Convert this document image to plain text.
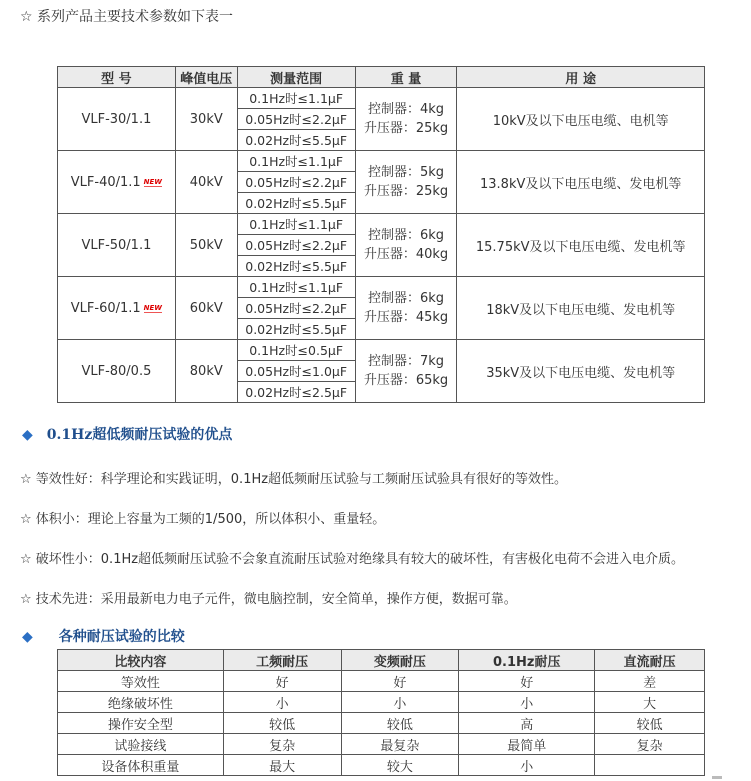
☆ 系列产品主要技术参数如下表一
型 号	峰值电压	测量范围	重 量	用 途
VLF-30/1.1	30kV	0.1Hz时≤1.1μF	控制器：4kg
升压器：25kg	10kV及以下电压电缆、电机等
		0.05Hz时≤2.2μF		
		0.02Hz时≤5.5μF		
VLF-40/1.1 NEW	40kV	0.1Hz时≤1.1μF	控制器：5kg
升压器：25kg	13.8kV及以下电压电缆、发电机等
		0.05Hz时≤2.2μF		
		0.02Hz时≤5.5μF		
VLF-50/1.1	50kV	0.1Hz时≤1.1μF	控制器：6kg
升压器：40kg	15.75kV及以下电压电缆、发电机等
		0.05Hz时≤2.2μF		
		0.02Hz时≤5.5μF		
VLF-60/1.1 NEW	60kV	0.1Hz时≤1.1μF	控制器：6kg
升压器：45kg	18kV及以下电压电缆、发电机等
		0.05Hz时≤2.2μF		
		0.02Hz时≤5.5μF		
VLF-80/0.5	80kV	0.1Hz时≤0.5μF	控制器：7kg
升压器：65kg	35kV及以下电压电缆、发电机等
		0.05Hz时≤1.0μF		
		0.02Hz时≤2.5μF		
◆ 0.1Hz超低频耐压试验的优点
☆ 等效性好：科学理论和实践证明，0.1Hz超低频耐压试验与工频耐压试验具有很好的等效性。
☆ 体积小：理论上容量为工频的1/500，所以体积小、重量轻。
☆ 破坏性小：0.1Hz超低频耐压试验不会象直流耐压试验对绝缘具有较大的破坏性，有害极化电荷不会进入电介质。
☆ 技术先进：采用最新电力电子元件，微电脑控制，安全简单，操作方便，数据可靠。
◆ 各种耐压试验的比较
比较内容	工频耐压	变频耐压	0.1Hz耐压	直流耐压
等效性	好	好	好	差
绝缘破坏性	小	小	小	大
操作安全型	较低	较低	高	较低
试验接线	复杂	最复杂	最简单	复杂
设备体积重量	最大	较大	小	
